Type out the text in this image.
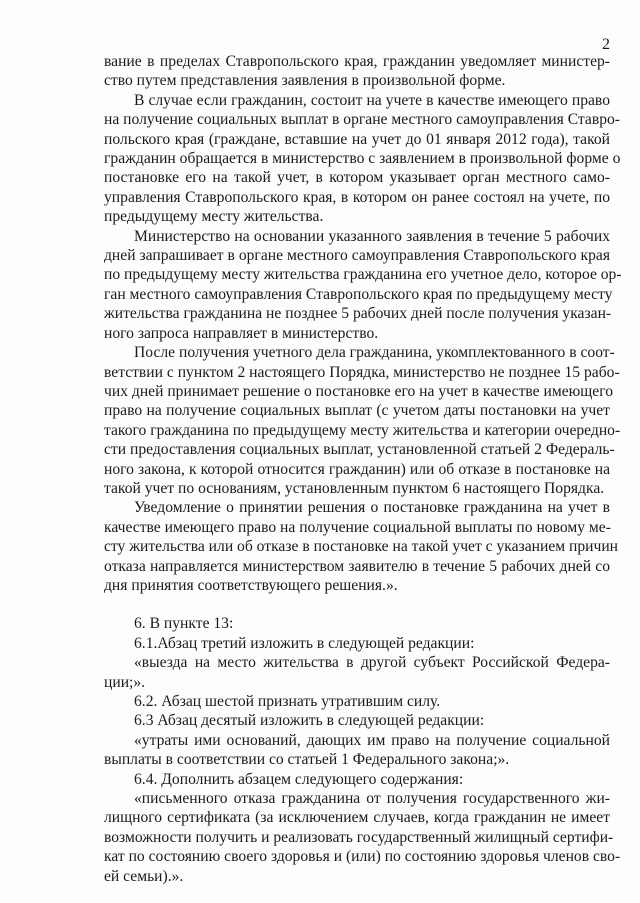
2
вание в пределах Ставропольского края, гражданин уведомляет министер-
ство путем представления заявления в произвольной форме.
В случае если гражданин, состоит на учете в качестве имеющего право
на получение социальных выплат в органе местного самоуправления Ставро-
польского края (граждане, вставшие на учет до 01 января 2012 года), такой
гражданин обращается в министерство с заявлением в произвольной форме о
постановке его на такой учет, в котором указывает орган местного само-
управления Ставропольского края, в котором он ранее состоял на учете, по
предыдущему месту жительства.
Министерство на основании указанного заявления в течение 5 рабочих
дней запрашивает в органе местного самоуправления Ставропольского края
по предыдущему месту жительства гражданина его учетное дело, которое ор-
ган местного самоуправления Ставропольского края по предыдущему месту
жительства гражданина не позднее 5 рабочих дней после получения указан-
ного запроса направляет в министерство.
После получения учетного дела гражданина, укомплектованного в соот-
ветствии с пунктом 2 настоящего Порядка, министерство не позднее 15 рабо-
чих дней принимает решение о постановке его на учет в качестве имеющего
право на получение социальных выплат (с учетом даты постановки на учет
такого гражданина по предыдущему месту жительства и категории очередно-
сти предоставления социальных выплат, установленной статьей 2 Федераль-
ного закона, к которой относится гражданин) или об отказе в постановке на
такой учет по основаниям, установленным пунктом 6 настоящего Порядка.
Уведомление о принятии решения о постановке гражданина на учет в
качестве имеющего право на получение социальной выплаты по новому ме-
сту жительства или об отказе в постановке на такой учет с указанием причин
отказа направляется министерством заявителю в течение 5 рабочих дней со
дня принятия соответствующего решения.».
6. В пункте 13:
6.1.Абзац третий изложить в следующей редакции:
«выезда на место жительства в другой субъект Российской Федера-
ции;».
6.2. Абзац шестой признать утратившим силу.
6.3 Абзац десятый изложить в следующей редакции:
«утраты ими оснований, дающих им право на получение социальной
выплаты в соответствии со статьей 1 Федерального закона;».
6.4. Дополнить абзацем следующего содержания:
«письменного отказа гражданина от получения государственного жи-
лищного сертификата (за исключением случаев, когда гражданин не имеет
возможности получить и реализовать государственный жилищный сертифи-
кат по состоянию своего здоровья и (или) по состоянию здоровья членов сво-
ей семьи).».
